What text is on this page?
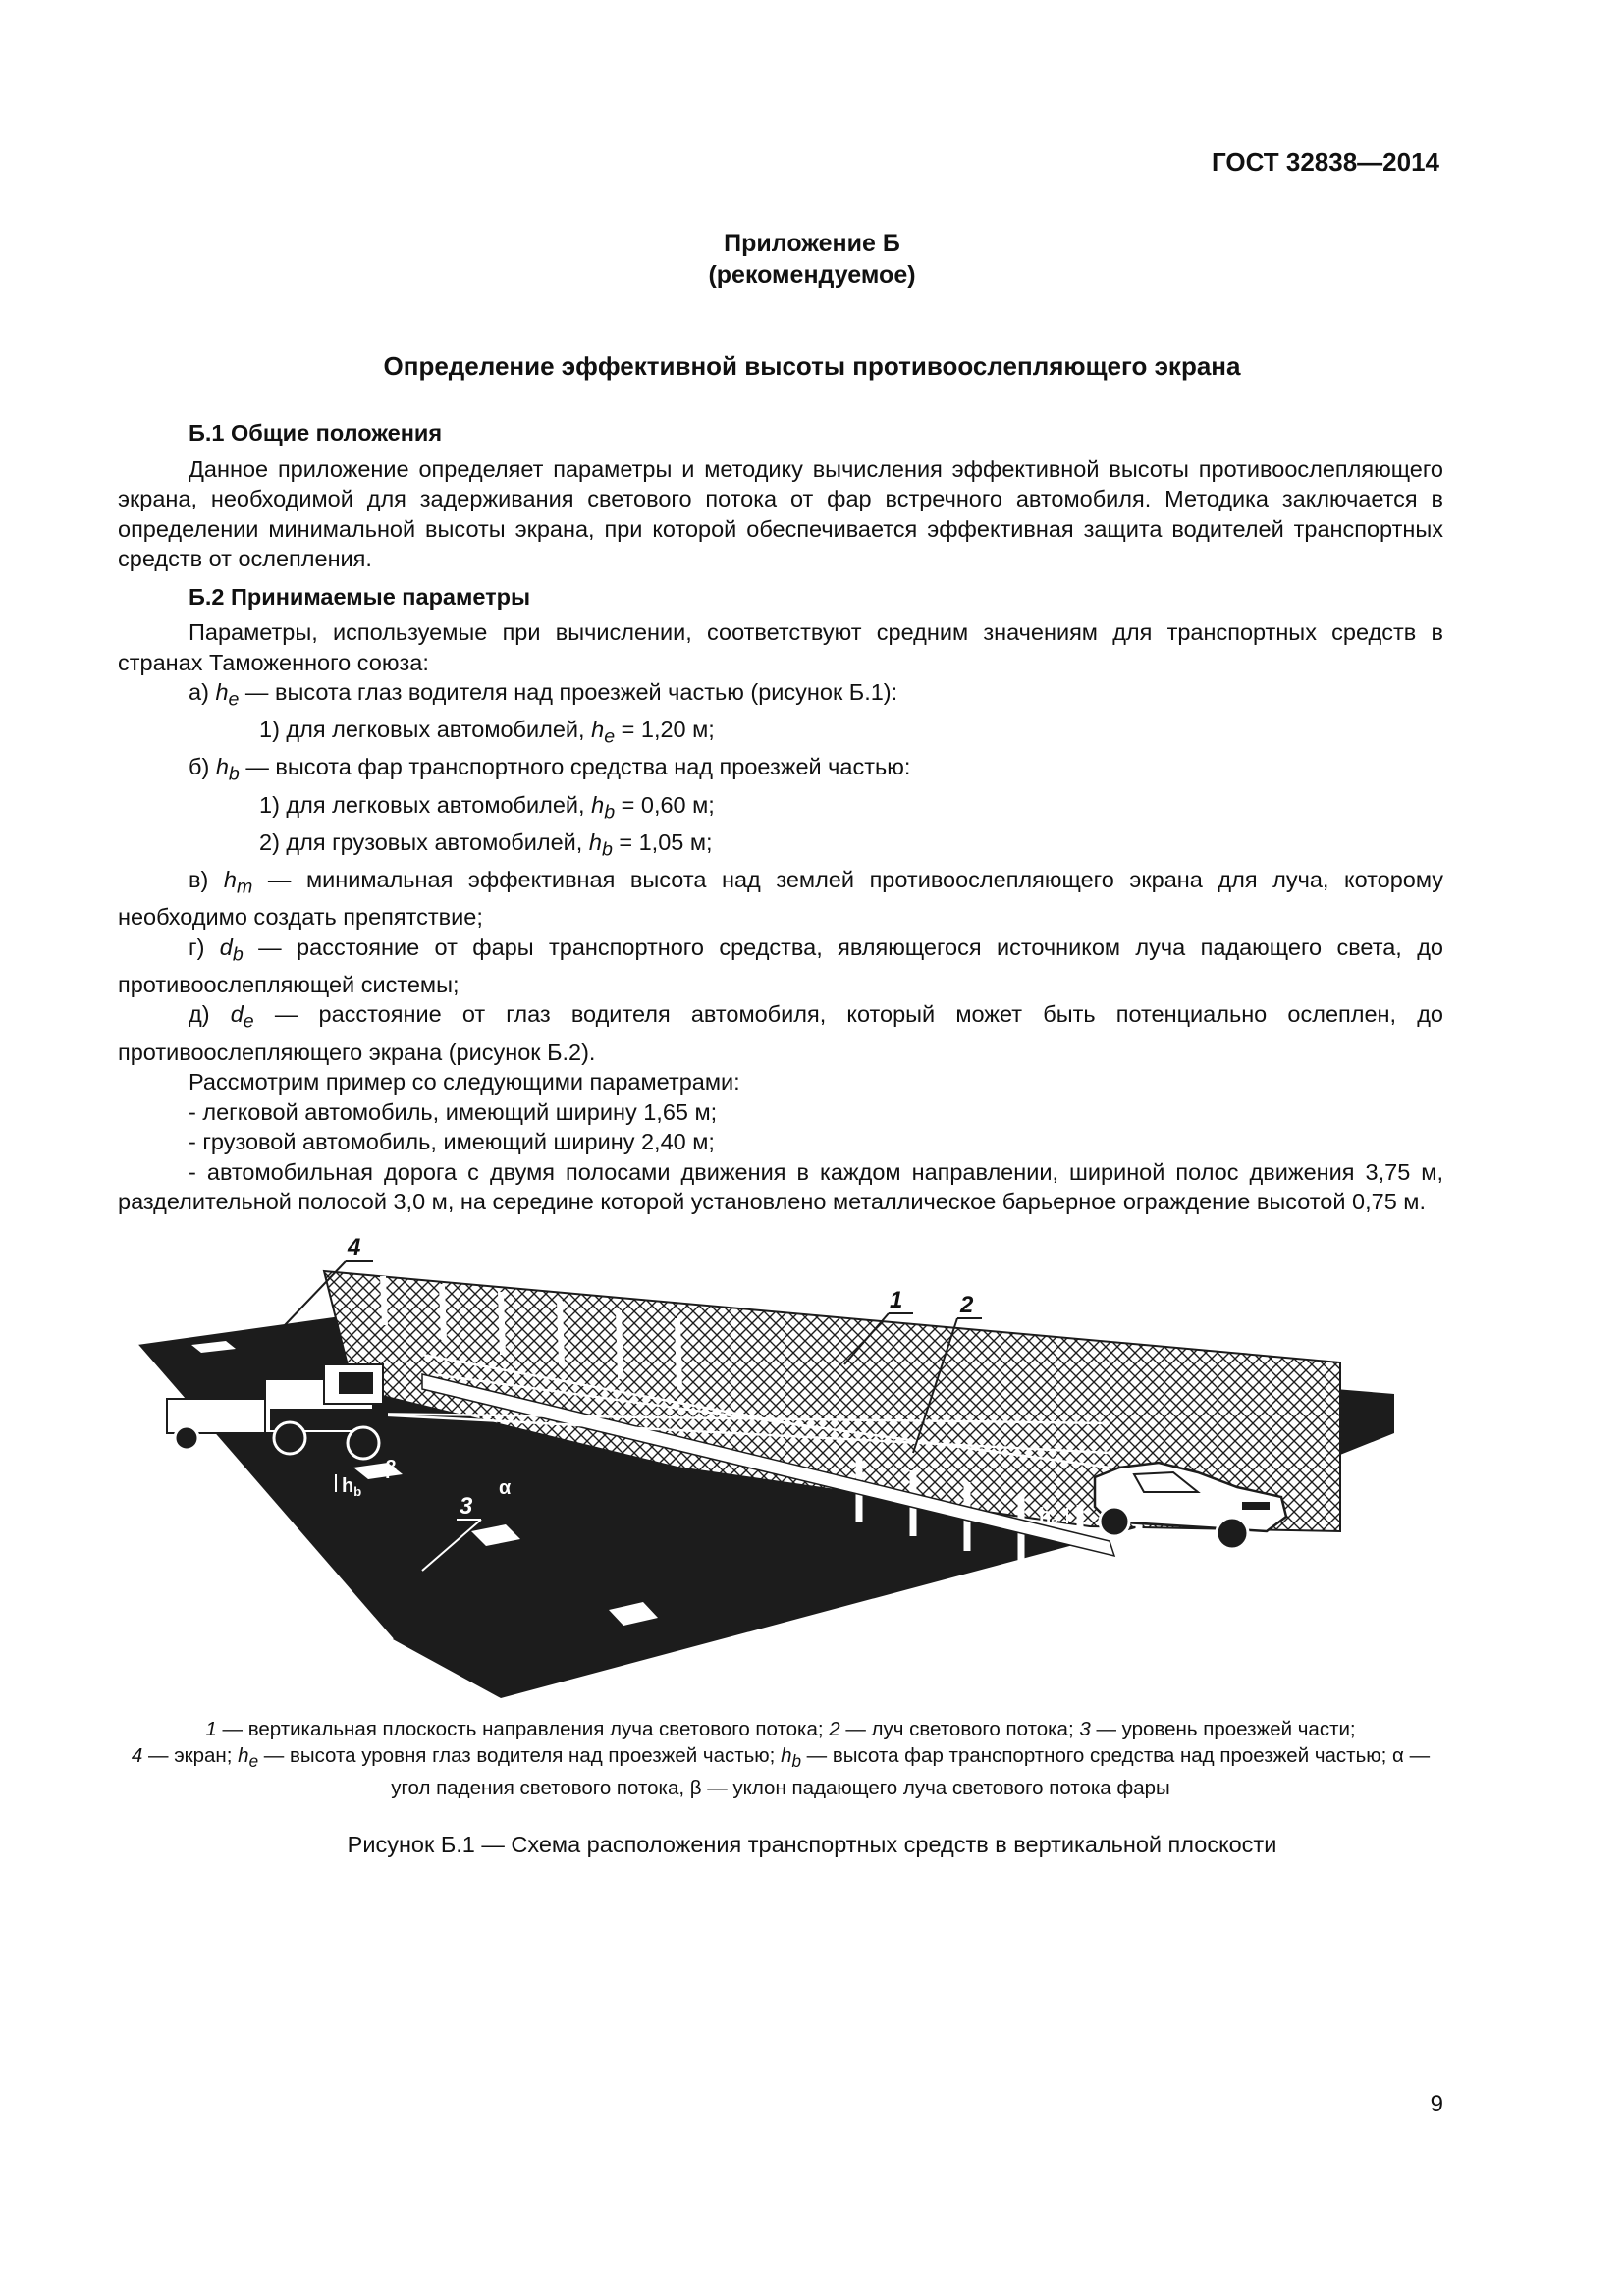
ГОСТ 32838—2014
Приложение Б
(рекомендуемое)
Определение эффективной высоты противоослепляющего экрана

Б.1 Общие положения

Данное приложение определяет параметры и методику вычисления эффективной высоты противоослепляющего экрана, необходимой для задерживания светового потока от фар встречного автомобиля. Методика заключается в определении минимальной высоты экрана, при которой обеспечивается эффективная защита водителей транспортных средств от ослепления.

Б.2 Принимаемые параметры

Параметры, используемые при вычислении, соответствуют средним значениям для транспортных средств в странах Таможенного союза:

а) $h_e$ — высота глаз водителя над проезжей частью (рисунок Б.1):

1) для легковых автомобилей, $h_e = 1,20$ м;

б) $h_b$ — высота фар транспортного средства над проезжей частью:

1) для легковых автомобилей, $h_b = 0,60$ м;

2) для грузовых автомобилей, $h_b = 1,05$ м;

в) $h_m$ — минимальная эффективная высота над землей противоослепляющего экрана для луча, которому необходимо создать препятствие;

г) $d_b$ — расстояние от фары транспортного средства, являющегося источником луча падающего света, до противоослепляющей системы;

д) $d_e$ — расстояние от глаз водителя автомобиля, который может быть потенциально ослеплен, до противоослепляющего экрана (рисунок Б.2).

Рассмотрим пример со следующими параметрами:

- легковой автомобиль, имеющий ширину 1,65 м;

- грузовой автомобиль, имеющий ширину 2,40 м;

- автомобильная дорога с двумя полосами движения в каждом направлении, шириной полос движения 3,75 м, разделительной полосой 3,0 м, на середине которой установлено металлическое барьерное ограждение высотой 0,75 м.

$h_b$
$h_e$
β
α
4
1 2
3
1 — вертикальная плоскость направления луча светового потока; 2 — луч светового потока; 3 — уровень проезжей части;
4 — экран; $h_e$ — высота уровня глаз водителя над проезжей частью; $h_b$ — высота фар транспортного средства над проезжей частью; α — угол падения светового потока, β — уклон падающего луча светового потока фары
Рисунок Б.1 — Схема расположения транспортных средств в вертикальной плоскости
9
